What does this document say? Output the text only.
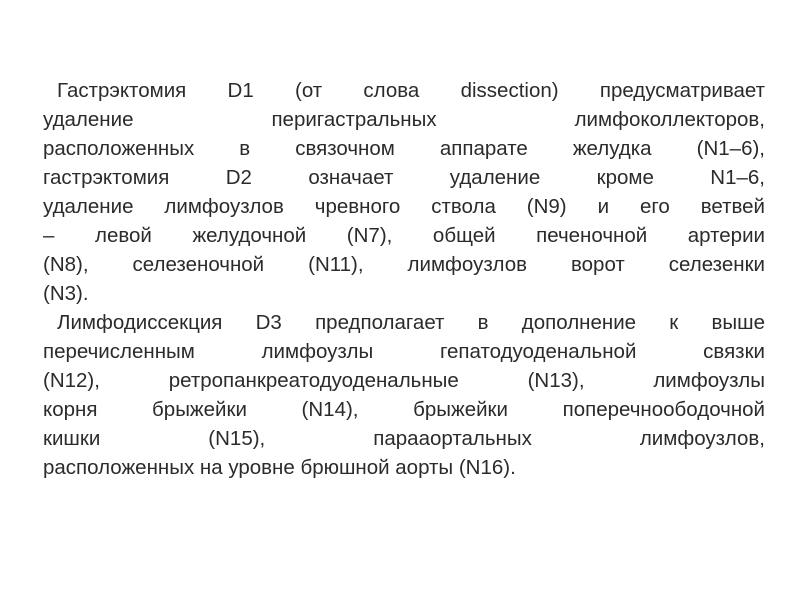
Гастрэктомия D1 (от слова dissection) предусматривает
удаление перигастральных лимфоколлекторов,
расположенных в связочном аппарате желудка (N1–6),
гастрэктомия D2 означает удаление кроме N1–6,
удаление лимфоузлов чревного ствола (N9) и его ветвей
– левой желудочной (N7), общей печеночной артерии
(N8), селезеночной (N11), лимфоузлов ворот селезенки
(N3).
Лимфодиссекция D3 предполагает в дополнение к выше
перечисленным лимфоузлы гепатодуоденальной связки
(N12), ретропанкреатодуоденальные (N13), лимфоузлы
корня брыжейки (N14), брыжейки поперечноободочной
кишки (N15), парааортальных лимфоузлов,
расположенных на уровне брюшной аорты (N16).
